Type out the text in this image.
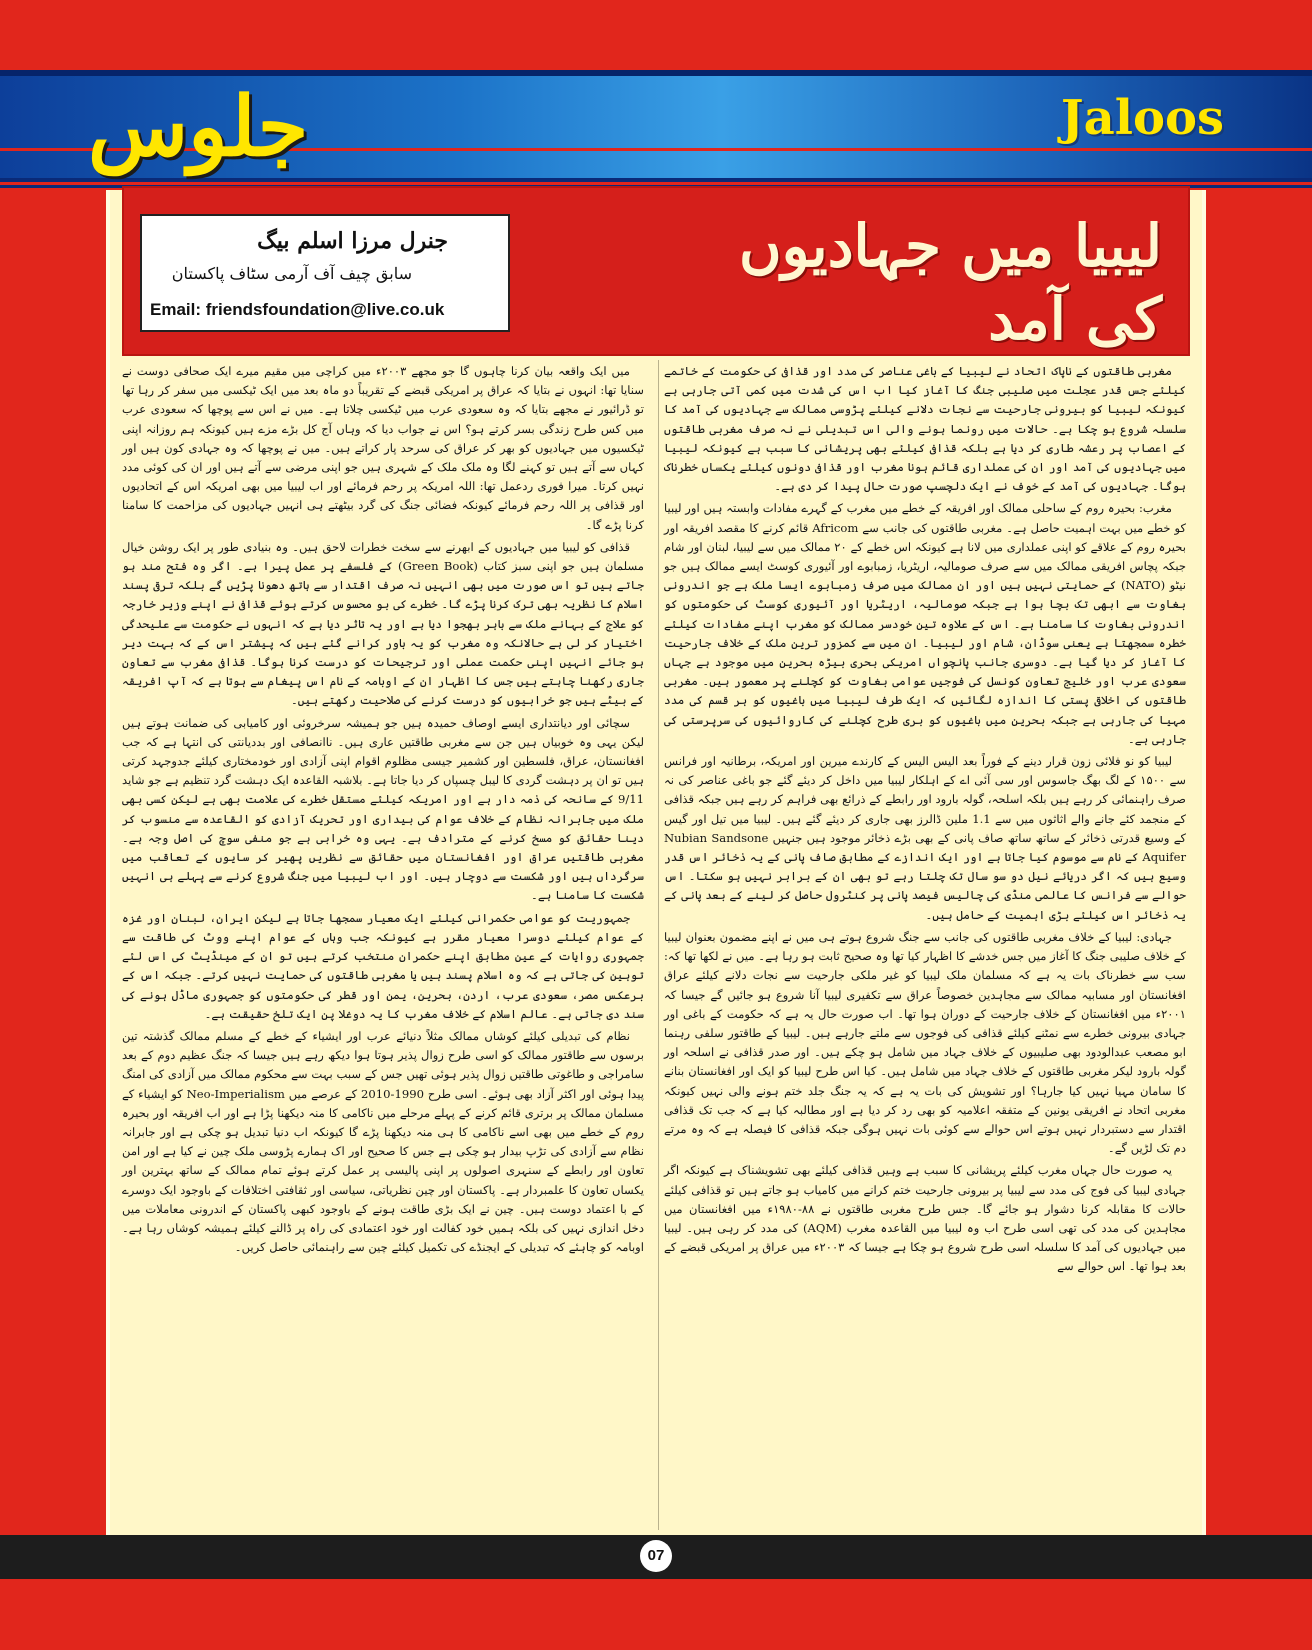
جلوس	Jaloos
لیبیا میں جہادیوں کی آمد
جنرل مرزا اسلم بیگ
سابق چیف آف آرمی سٹاف پاکستان
Email: friendsfoundation@live.co.uk

مغربی طاقتوں کے ناپاک اتحاد نے لیبیا کے باغی عناصر کی مدد اور قذافی کی حکومت کے خاتمے کیلئے جس قدر عجلت میں صلیبی جنگ کا آغاز کیا اب اس کی شدت میں کمی آتی جارہی ہے کیونکہ لیبیا کو بیرونی جارحیت سے نجات دلانے کیلئے پڑوسی ممالک سے جہادیوں کی آمد کا سلسلہ شروع ہو چکا ہے۔ حالات میں رونما ہونے والی اس تبدیلی نے نہ صرف مغربی طاقتوں کے اعصاب پر رعشہ طاری کر دیا ہے بلکہ قذافی کیلئے بھی پریشانی کا سبب ہے کیونکہ لیبیا میں جہادیوں کی آمد اور ان کی عملداری قائم ہونا مغرب اور قذافی دونوں کیلئے یکساں خطرناک ہوگا۔ جہادیوں کی آمد کے خوف نے ایک دلچسپ صورت حال پیدا کر دی ہے۔

مغرب: بحیرہ روم کے ساحلی ممالک اور افریقہ کے خطے میں مغرب کے گہرے مفادات وابستہ ہیں اور لیبیا کو خطے میں بہت اہمیت حاصل ہے۔ مغربی طاقتوں کی جانب سے Africom قائم کرنے کا مقصد افریقہ اور بحیرہ روم کے علاقے کو اپنی عملداری میں لانا ہے کیونکہ اس خطے کے ۲۰ ممالک میں سے لیبیا، لبنان اور شام جبکہ پچاس افریقی ممالک میں سے صرف صومالیہ، اریٹریا، زمبابوے اور آئیوری کوسٹ ایسے ممالک ہیں جو نیٹو (NATO) کے حمایتی نہیں ہیں اور ان ممالک میں صرف زمبابوے ایسا ملک ہے جو اندرونی بغاوت سے ابھی تک بچا ہوا ہے جبکہ صومالیہ، اریٹریا اور آئیوری کوسٹ کی حکومتوں کو اندرونی بغاوت کا سامنا ہے۔ اس کے علاوہ تین خودسر ممالک کو مغرب اپنے مفادات کیلئے خطرہ سمجھتا ہے یعنی سوڈان، شام اور لیبیا۔ ان میں سے کمزور ترین ملک کے خلاف جارحیت کا آغاز کر دیا گیا ہے۔ دوسری جانب پانچواں امریکی بحری بیڑہ بحرین میں موجود ہے جہاں سعودی عرب اور خلیج تعاون کونسل کی فوجیں عوامی بغاوت کو کچلنے پر معمور ہیں۔ مغربی طاقتوں کی اخلاقی پستی کا اندازہ لگائیں کہ ایک طرف لیبیا میں باغیوں کو ہر قسم کی مدد مہیا کی جارہی ہے جبکہ بحرین میں باغیوں کو بری طرح کچلنے کی کاروائیوں کی سرپرستی کی جارہی ہے۔

لیبیا کو نو فلائی زون قرار دینے کے فوراً بعد الیس الیس کے کارندے میرین اور امریکہ، برطانیہ اور فرانس سے ۱۵۰۰ کے لگ بھگ جاسوس اور سی آئی اے کے اہلکار لیبیا میں داخل کر دیئے گئے جو باغی عناصر کی نہ صرف راہنمائی کر رہے ہیں بلکہ اسلحہ، گولہ بارود اور رابطے کے ذرائع بھی فراہم کر رہے ہیں جبکہ قذافی کے منجمد کئے جانے والے اثاثوں میں سے 1.1 ملین ڈالرز بھی جاری کر دیئے گئے ہیں۔ لیبیا میں تیل اور گیس کے وسیع قدرتی ذخائر کے ساتھ ساتھ صاف پانی کے بھی بڑے ذخائر موجود ہیں جنہیں Nubian Sandsone Aquifer کے نام سے موسوم کیا جاتا ہے اور ایک اندازے کے مطابق صاف پانی کے یہ ذخائر اس قدر وسیع ہیں کہ اگر دریائے نیل دو سو سال تک چلتا رہے تو بھی ان کے برابر نہیں ہو سکتا۔ اس حوالے سے فرانس کا عالمی منڈی کی چالیس فیصد پانی پر کنٹرول حاصل کر لینے کے بعد پانی کے یہ ذخائر اس کیلئے بڑی اہمیت کے حامل ہیں۔

جہادی: لیبیا کے خلاف مغربی طاقتوں کی جانب سے جنگ شروع ہوتے ہی میں نے اپنے مضمون بعنوان لیبیا کے خلاف صلیبی جنگ کا آغاز میں جس خدشے کا اظہار کیا تھا وہ صحیح ثابت ہو رہا ہے۔ میں نے لکھا تھا کہ: سب سے خطرناک بات یہ ہے کہ مسلمان ملک لیبیا کو غیر ملکی جارحیت سے نجات دلانے کیلئے عراق افغانستان اور مسابیہ ممالک سے مجاہدین خصوصاً عراق سے تکفیری لیبیا آنا شروع ہو جائیں گے جیسا کہ ۲۰۰۱ء میں افغانستان کے خلاف جارحیت کے دوران ہوا تھا۔ اب صورت حال یہ ہے کہ حکومت کے باغی اور جہادی بیرونی خطرے سے نمٹنے کیلئے قذافی کی فوجوں سے ملتے جارہے ہیں۔ لیبیا کے طاقتور سلفی رہنما ابو مصعب عبدالودود بھی صلیبیوں کے خلاف جہاد میں شامل ہو چکے ہیں۔ اور صدر قذافی نے اسلحہ اور گولہ بارود لیکر مغربی طاقتوں کے خلاف جہاد میں شامل ہیں۔ کیا اس طرح لیبیا کو ایک اور افغانستان بنانے کا سامان مہیا نہیں کیا جارہا؟ اور تشویش کی بات یہ ہے کہ یہ جنگ جلد ختم ہونے والی نہیں کیونکہ مغربی اتحاد نے افریقی یونین کے متفقہ اعلامیہ کو بھی رد کر دیا ہے اور مطالبہ کیا ہے کہ جب تک قذافی اقتدار سے دستبردار نہیں ہوتے اس حوالے سے کوئی بات نہیں ہوگی جبکہ قذافی کا فیصلہ ہے کہ وہ مرتے دم تک لڑیں گے۔

یہ صورت حال جہاں مغرب کیلئے پریشانی کا سبب ہے وہیں قذافی کیلئے بھی تشویشناک ہے کیونکہ اگر جہادی لیبیا کی فوج کی مدد سے لیبیا پر بیرونی جارحیت ختم کرانے میں کامیاب ہو جاتے ہیں تو قذافی کیلئے حالات کا مقابلہ کرنا دشوار ہو جائے گا۔ جس طرح مغربی طاقتوں نے ۸۸-۱۹۸۰ء میں افغانستان میں مجاہدین کی مدد کی تھی اسی طرح اب وہ لیبیا میں القاعدہ مغرب (AQM) کی مدد کر رہی ہیں۔ لیبیا میں جہادیوں کی آمد کا سلسلہ اسی طرح شروع ہو چکا ہے جیسا کہ ۲۰۰۳ء میں عراق پر امریکی قبضے کے بعد ہوا تھا۔ اس حوالے سے

میں ایک واقعہ بیان کرنا چاہوں گا جو مجھے ۲۰۰۳ء میں کراچی میں مقیم میرے ایک صحافی دوست نے سنایا تھا: انہوں نے بتایا کہ عراق پر امریکی قبضے کے تقریباً دو ماہ بعد میں ایک ٹیکسی میں سفر کر رہا تھا تو ڈرائیور نے مجھے بتایا کہ وہ سعودی عرب میں ٹیکسی چلاتا ہے۔ میں نے اس سے پوچھا کہ سعودی عرب میں کس طرح زندگی بسر کرتے ہو؟ اس نے جواب دیا کہ وہاں آج کل بڑے مزے ہیں کیونکہ ہم روزانہ اپنی ٹیکسیوں میں جہادیوں کو بھر کر عراق کی سرحد پار کراتے ہیں۔ میں نے پوچھا کہ وہ جہادی کون ہیں اور کہاں سے آتے ہیں تو کہنے لگا وہ ملک ملک کے شہری ہیں جو اپنی مرضی سے آتے ہیں اور ان کی کوئی مدد نہیں کرتا۔ میرا فوری ردعمل تھا: اللہ امریکہ پر رحم فرمائے اور اب لیبیا میں بھی امریکہ اس کے اتحادیوں اور قذافی پر اللہ رحم فرمائے کیونکہ فضائی جنگ کی گرد بیٹھتے ہی انہیں جہادیوں کی مزاحمت کا سامنا کرنا پڑے گا۔

قذافی کو لیبیا میں جہادیوں کے ابھرنے سے سخت خطرات لاحق ہیں۔ وہ بنیادی طور پر ایک روشن خیال مسلمان ہیں جو اپنی سبز کتاب (Green Book) کے فلسفے پر عمل پیرا ہے۔ اگر وہ فتح مند ہو جاتے ہیں تو اس صورت میں بھی انہیں نہ صرف اقتدار سے ہاتھ دھونا پڑیں گے بلکہ ترقی پسند اسلام کا نظریہ بھی ترک کرنا پڑے گا۔ خطرے کی بو محسوس کرتے ہوئے قذافی نے اپنے وزیر خارجہ کو علاج کے بہانے ملک سے باہر بھجوا دیا ہے اور یہ تاثر دیا ہے کہ انہوں نے حکومت سے علیحدگی اختیار کر لی ہے حالانکہ وہ مغرب کو یہ باور کرانے گئے ہیں کہ پیشتر اس کے کہ بہت دیر ہو جائے انہیں اپنی حکمت عملی اور ترجیحات کو درست کرنا ہوگا۔ قذافی مغرب سے تعاون جاری رکھنا چاہتے ہیں جس کا اظہار ان کے اوبامہ کے نام اس پیغام سے ہوتا ہے کہ آپ افریقہ کے بیٹے ہیں جو خرابیوں کو درست کرنے کی صلاحیت رکھتے ہیں۔

سچائی اور دیانتداری ایسے اوصاف حمیدہ ہیں جو ہمیشہ سرخروئی اور کامیابی کی ضمانت ہوتے ہیں لیکن یہی وہ خوبیاں ہیں جن سے مغربی طاقتیں عاری ہیں۔ ناانصافی اور بددیانتی کی انتہا ہے کہ جب افغانستان، عراق، فلسطین اور کشمیر جیسی مظلوم اقوام اپنی آزادی اور خودمختاری کیلئے جدوجہد کرتی ہیں تو ان پر دہشت گردی کا لیبل چسپاں کر دیا جاتا ہے۔ بلاشبہ القاعدہ ایک دہشت گرد تنظیم ہے جو شاید 9/11 کے سانحہ کی ذمہ دار ہے اور امریکہ کیلئے مستقل خطرے کی علامت بھی ہے لیکن کسی بھی ملک میں جابرانہ نظام کے خلاف عوام کی بیداری اور تحریک آزادی کو القاعدہ سے منسوب کر دینا حقائق کو مسخ کرنے کے مترادف ہے۔ یہی وہ خرابی ہے جو منفی سوچ کی اصل وجہ ہے۔ مغربی طاقتیں عراق اور افغانستان میں حقائق سے نظریں پھیر کر سایوں کے تعاقب میں سرگرداں ہیں اور شکست سے دوچار ہیں۔ اور اب لیبیا میں جنگ شروع کرنے سے پہلے ہی انہیں شکست کا سامنا ہے۔

جمہوریت کو عوامی حکمرانی کیلئے ایک معیار سمجھا جاتا ہے لیکن ایران، لبنان اور غزہ کے عوام کیلئے دوسرا معیار مقرر ہے کیونکہ جب وہاں کے عوام اپنے ووٹ کی طاقت سے جمہوری روایات کے عین مطابق اپنے حکمران منتخب کرتے ہیں تو ان کے مینڈیٹ کی اس لئے توہین کی جاتی ہے کہ وہ اسلام پسند ہیں یا مغربی طاقتوں کی حمایت نہیں کرتے۔ جبکہ اس کے برعکس مصر، سعودی عرب، اردن، بحرین، یمن اور قطر کی حکومتوں کو جمہوری ماڈل ہونے کی سند دی جاتی ہے۔ عالم اسلام کے خلاف مغرب کا یہ دوغلا پن ایک تلخ حقیقت ہے۔

نظام کی تبدیلی کیلئے کوشاں ممالک مثلاً دنیائے عرب اور ایشیاء کے خطے کے مسلم ممالک گذشتہ تین برسوں سے طاقتور ممالک کو اسی طرح زوال پذیر ہوتا ہوا دیکھ رہے ہیں جیسا کہ جنگ عظیم دوم کے بعد سامراجی و طاغوتی طاقتیں زوال پذیر ہوئی تھیں جس کے سبب بہت سے محکوم ممالک میں آزادی کی امنگ پیدا ہوئی اور اکثر آزاد بھی ہوئے۔ اسی طرح 1990-2010 کے عرصے میں Neo-Imperialism کو ایشیاء کے مسلمان ممالک پر برتری قائم کرنے کے پہلے مرحلے میں ناکامی کا منہ دیکھنا پڑا ہے اور اب افریقہ اور بحیرہ روم کے خطے میں بھی اسے ناکامی کا ہی منہ دیکھنا پڑے گا کیونکہ اب دنیا تبدیل ہو چکی ہے اور جابرانہ نظام سے آزادی کی تڑپ بیدار ہو چکی ہے جس کا صحیح اور اک ہمارے پڑوسی ملک چین نے کیا ہے اور امن تعاون اور رابطے کے سنہری اصولوں پر اپنی پالیسی پر عمل کرتے ہوئے تمام ممالک کے ساتھ بہترین اور یکساں تعاون کا علمبردار ہے۔ پاکستان اور چین نظریاتی، سیاسی اور ثقافتی اختلافات کے باوجود ایک دوسرے کے با اعتماد دوست ہیں۔ چین نے ایک بڑی طاقت ہونے کے باوجود کبھی پاکستان کے اندرونی معاملات میں دخل اندازی نہیں کی بلکہ ہمیں خود کفالت اور خود اعتمادی کی راہ پر ڈالنے کیلئے ہمیشہ کوشاں رہا ہے۔ اوبامہ کو چاہئے کہ تبدیلی کے ایجنڈے کی تکمیل کیلئے چین سے راہنمائی حاصل کریں۔

07
